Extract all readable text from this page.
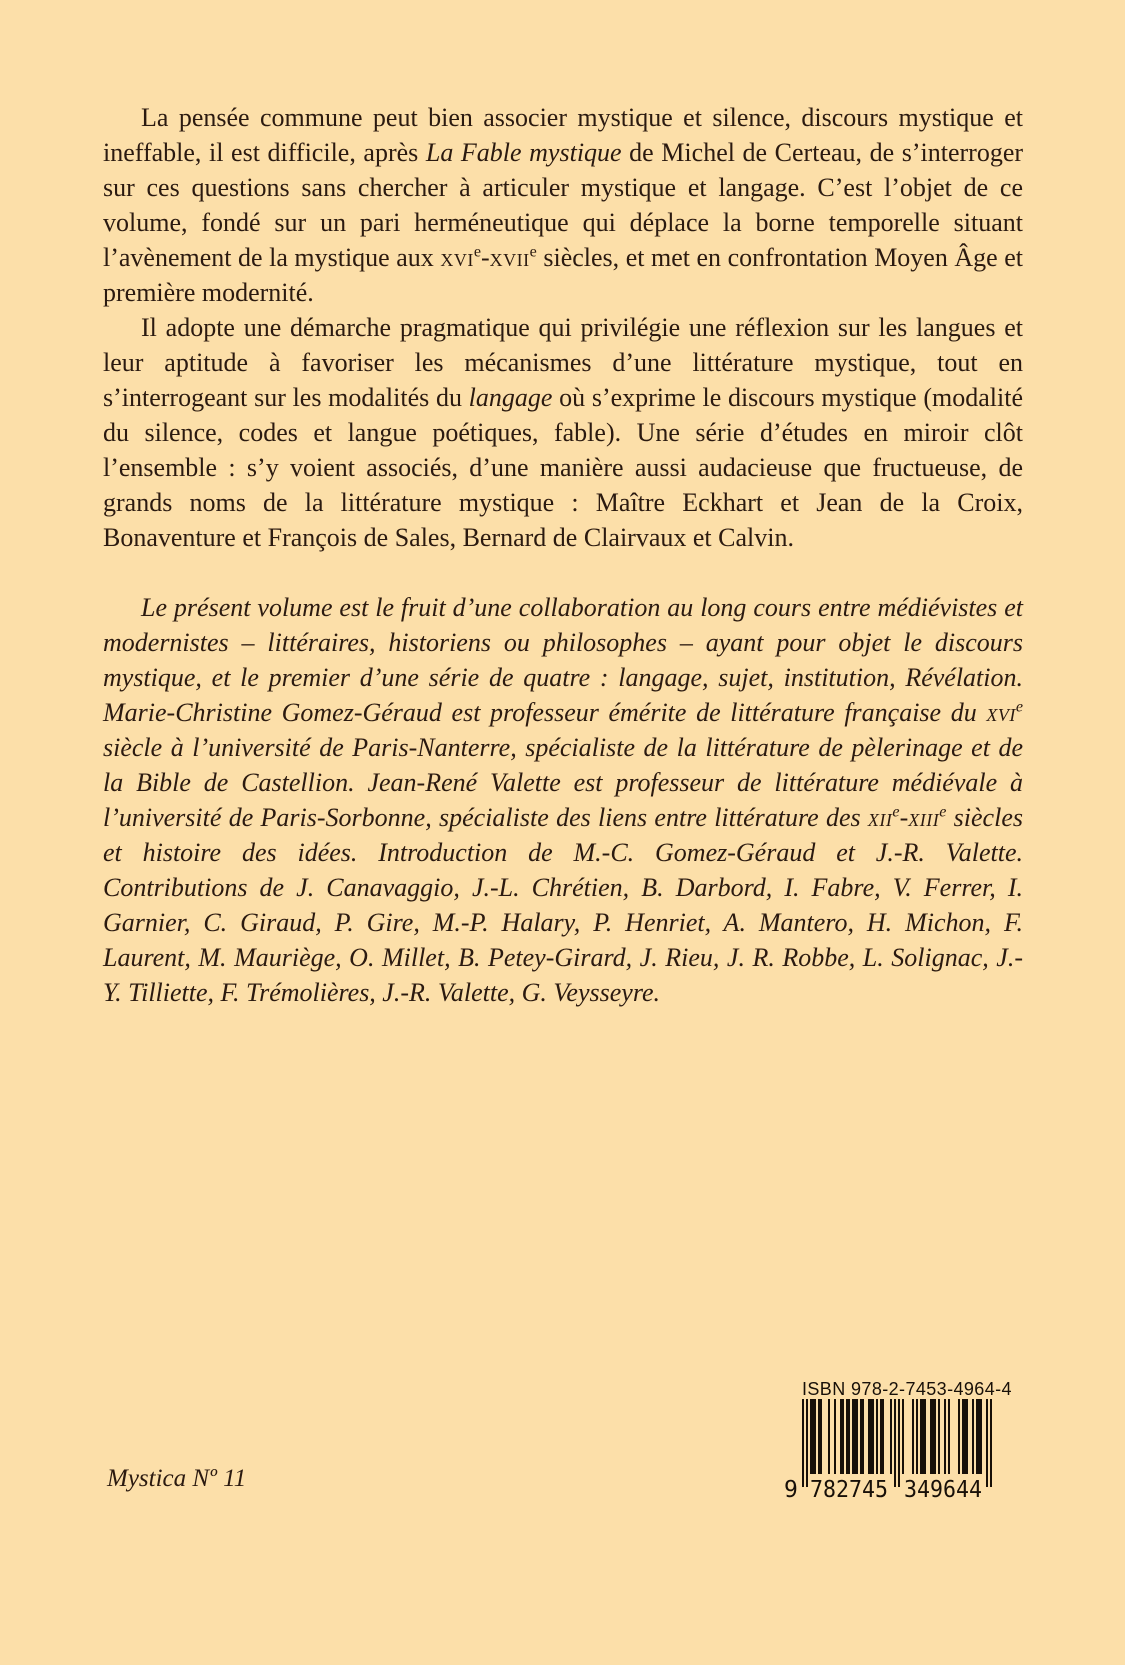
La pensée commune peut bien associer mystique et silence, discours mystique et ineffable, il est difficile, après La Fable mystique de Michel de Certeau, de s’interroger sur ces questions sans chercher à articuler mystique et langage. C’est l’objet de ce volume, fondé sur un pari herméneutique qui déplace la borne temporelle situant l’avènement de la mystique aux xvi$^e$-xvii$^e$ siècles, et met en confrontation Moyen Âge et première modernité.

Il adopte une démarche pragmatique qui privilégie une réflexion sur les langues et leur aptitude à favoriser les mécanismes d’une littérature mystique, tout en s’interrogeant sur les modalités du langage où s’exprime le discours mystique (modalité du silence, codes et langue poétiques, fable). Une série d’études en miroir clôt l’ensemble : s’y voient associés, d’une manière aussi audacieuse que fructueuse, de grands noms de la littérature mystique : Maître Eckhart et Jean de la Croix, Bonaventure et François de Sales, Bernard de Clairvaux et Calvin.

Le présent volume est le fruit d’une collaboration au long cours entre médiévistes et modernistes – littéraires, historiens ou philosophes – ayant pour objet le discours mystique, et le premier d’une série de quatre : langage, sujet, institution, Révélation. Marie-Christine Gomez-Géraud est professeur émérite de littérature française du xvi$^e$ siècle à l’université de Paris-Nanterre, spécialiste de la littérature de pèlerinage et de la Bible de Castellion. Jean-René Valette est professeur de littérature médiévale à l’université de Paris-Sorbonne, spécialiste des liens entre littérature des xii$^e$-xiii$^e$ siècles et histoire des idées. Introduction de M.-C. Gomez-Géraud et J.-R. Valette. Contributions de J. Canavaggio, J.-L. Chrétien, B. Darbord, I. Fabre, V. Ferrer, I. Garnier, C. Giraud, P. Gire, M.-P. Halary, P. Henriet, A. Mantero, H. Michon, F. Laurent, M. Mauriège, O. Millet, B. Petey-Girard, J. Rieu, J. R. Robbe, L. Solignac, J.-Y. Tilliette, F. Trémolières, J.-R. Valette, G. Veysseyre.

ISBN 978-2-7453-4964-4
9 782745 349644
Mystica Nº 11
